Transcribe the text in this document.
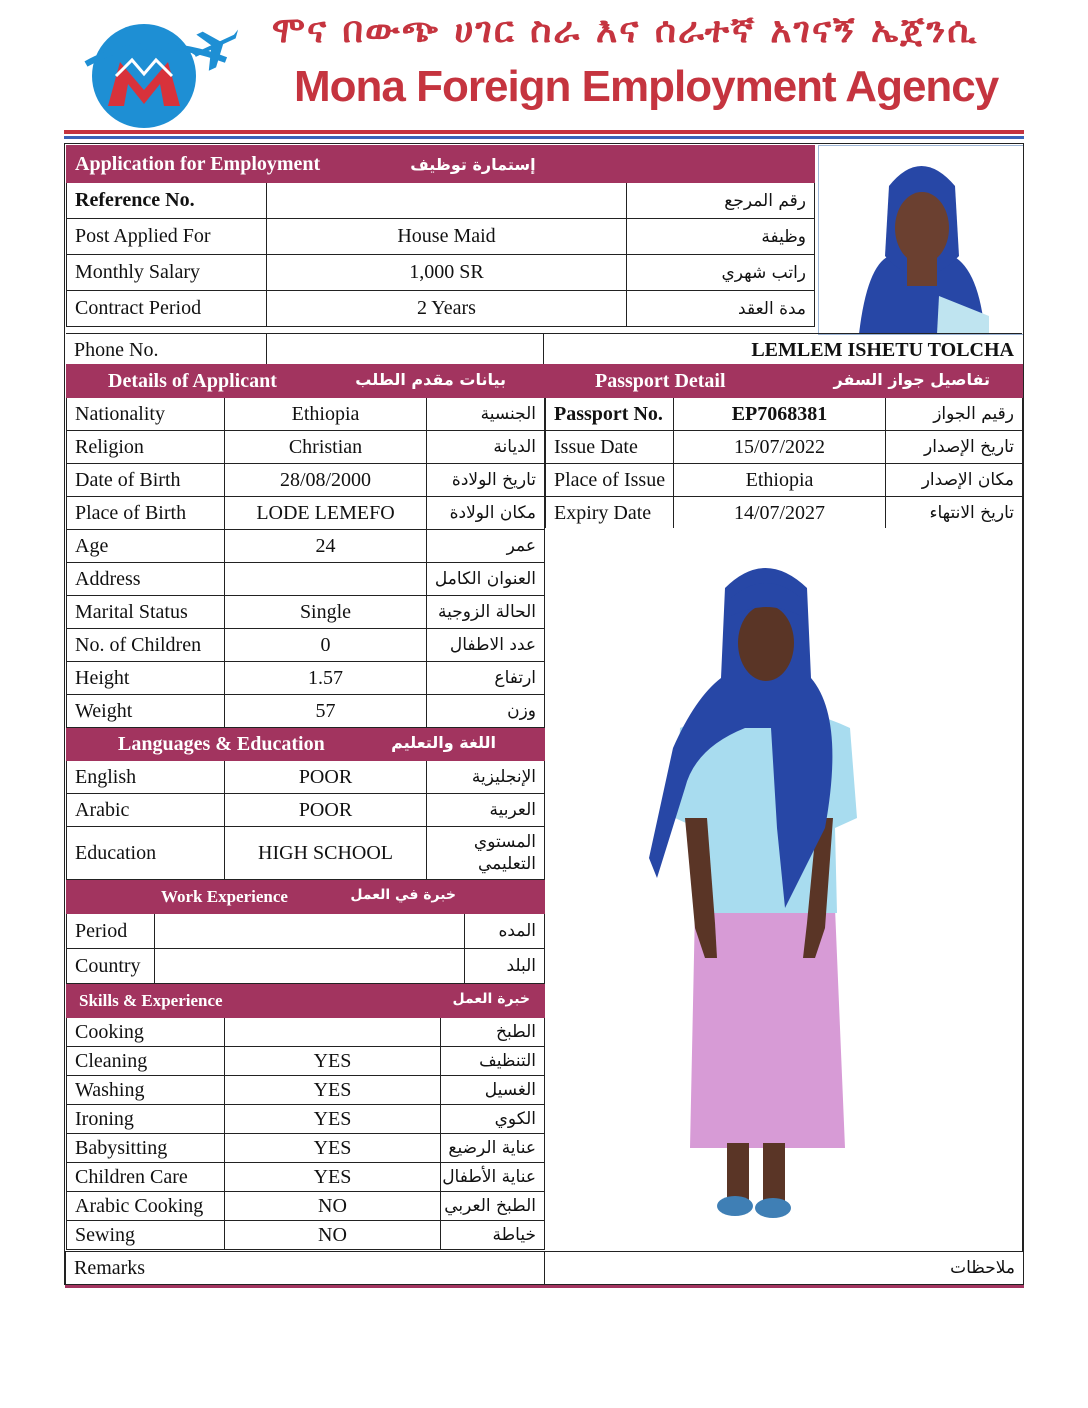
ሞና በውጭ ሀገር ስራ እና ሰራተኛ አገናኝ ኤጀንሲ
Mona Foreign Employment Agency
Application for Employment إستمارة توظيف		
Reference No.		رقم المرجع
Post Applied For	House Maid	وظيفة
Monthly Salary	1,000 SR	راتب شهري
Contract Period	2 Years	مدة العقد
Phone No.		LEMLEM ISHETU TOLCHA
Details of Applicant بيانات مقدم الطلب		

Nationality	Ethiopia	الجنسية
Religion	Christian	الديانة
Date of Birth	28/08/2000	تاريخ الولادة
Place of Birth	LODE LEMEFO	مكان الولادة
Age	24	عمر
Address		العنوان الكامل
Marital Status	Single	الحالة الزوجية
No. of Children	0	عدد الاطفال
Height	1.57	ارتفاع
Weight	57	وزن
Languages & Education اللغة والتعليم		

English	POOR	الإنجليزية
Arabic	POOR	العربية
Education	HIGH SCHOOL	المستوي التعليمي
Work Experience خبرة في العمل		

Period		المده
Country		البلد
Skills & Experience خبرة العمل		

Cooking		الطبخ
Cleaning	YES	التنظيف
Washing	YES	الغسيل
Ironing	YES	الكوي
Babysitting	YES	عناية الرضيع
Children Care	YES	عناية الأطفال
Arabic Cooking	NO	الطبخ العربي
Sewing	NO	خياطة
Passport Detail تفاصيل جواز السفر		

Passport No.	EP7068381	رقيم الجواز
Issue Date	15/07/2022	تاريخ الإصدار
Place of Issue	Ethiopia	مكان الإصدار
Expiry Date	14/07/2027	تاريخ الانتهاء
Remarks	ملاحظات
